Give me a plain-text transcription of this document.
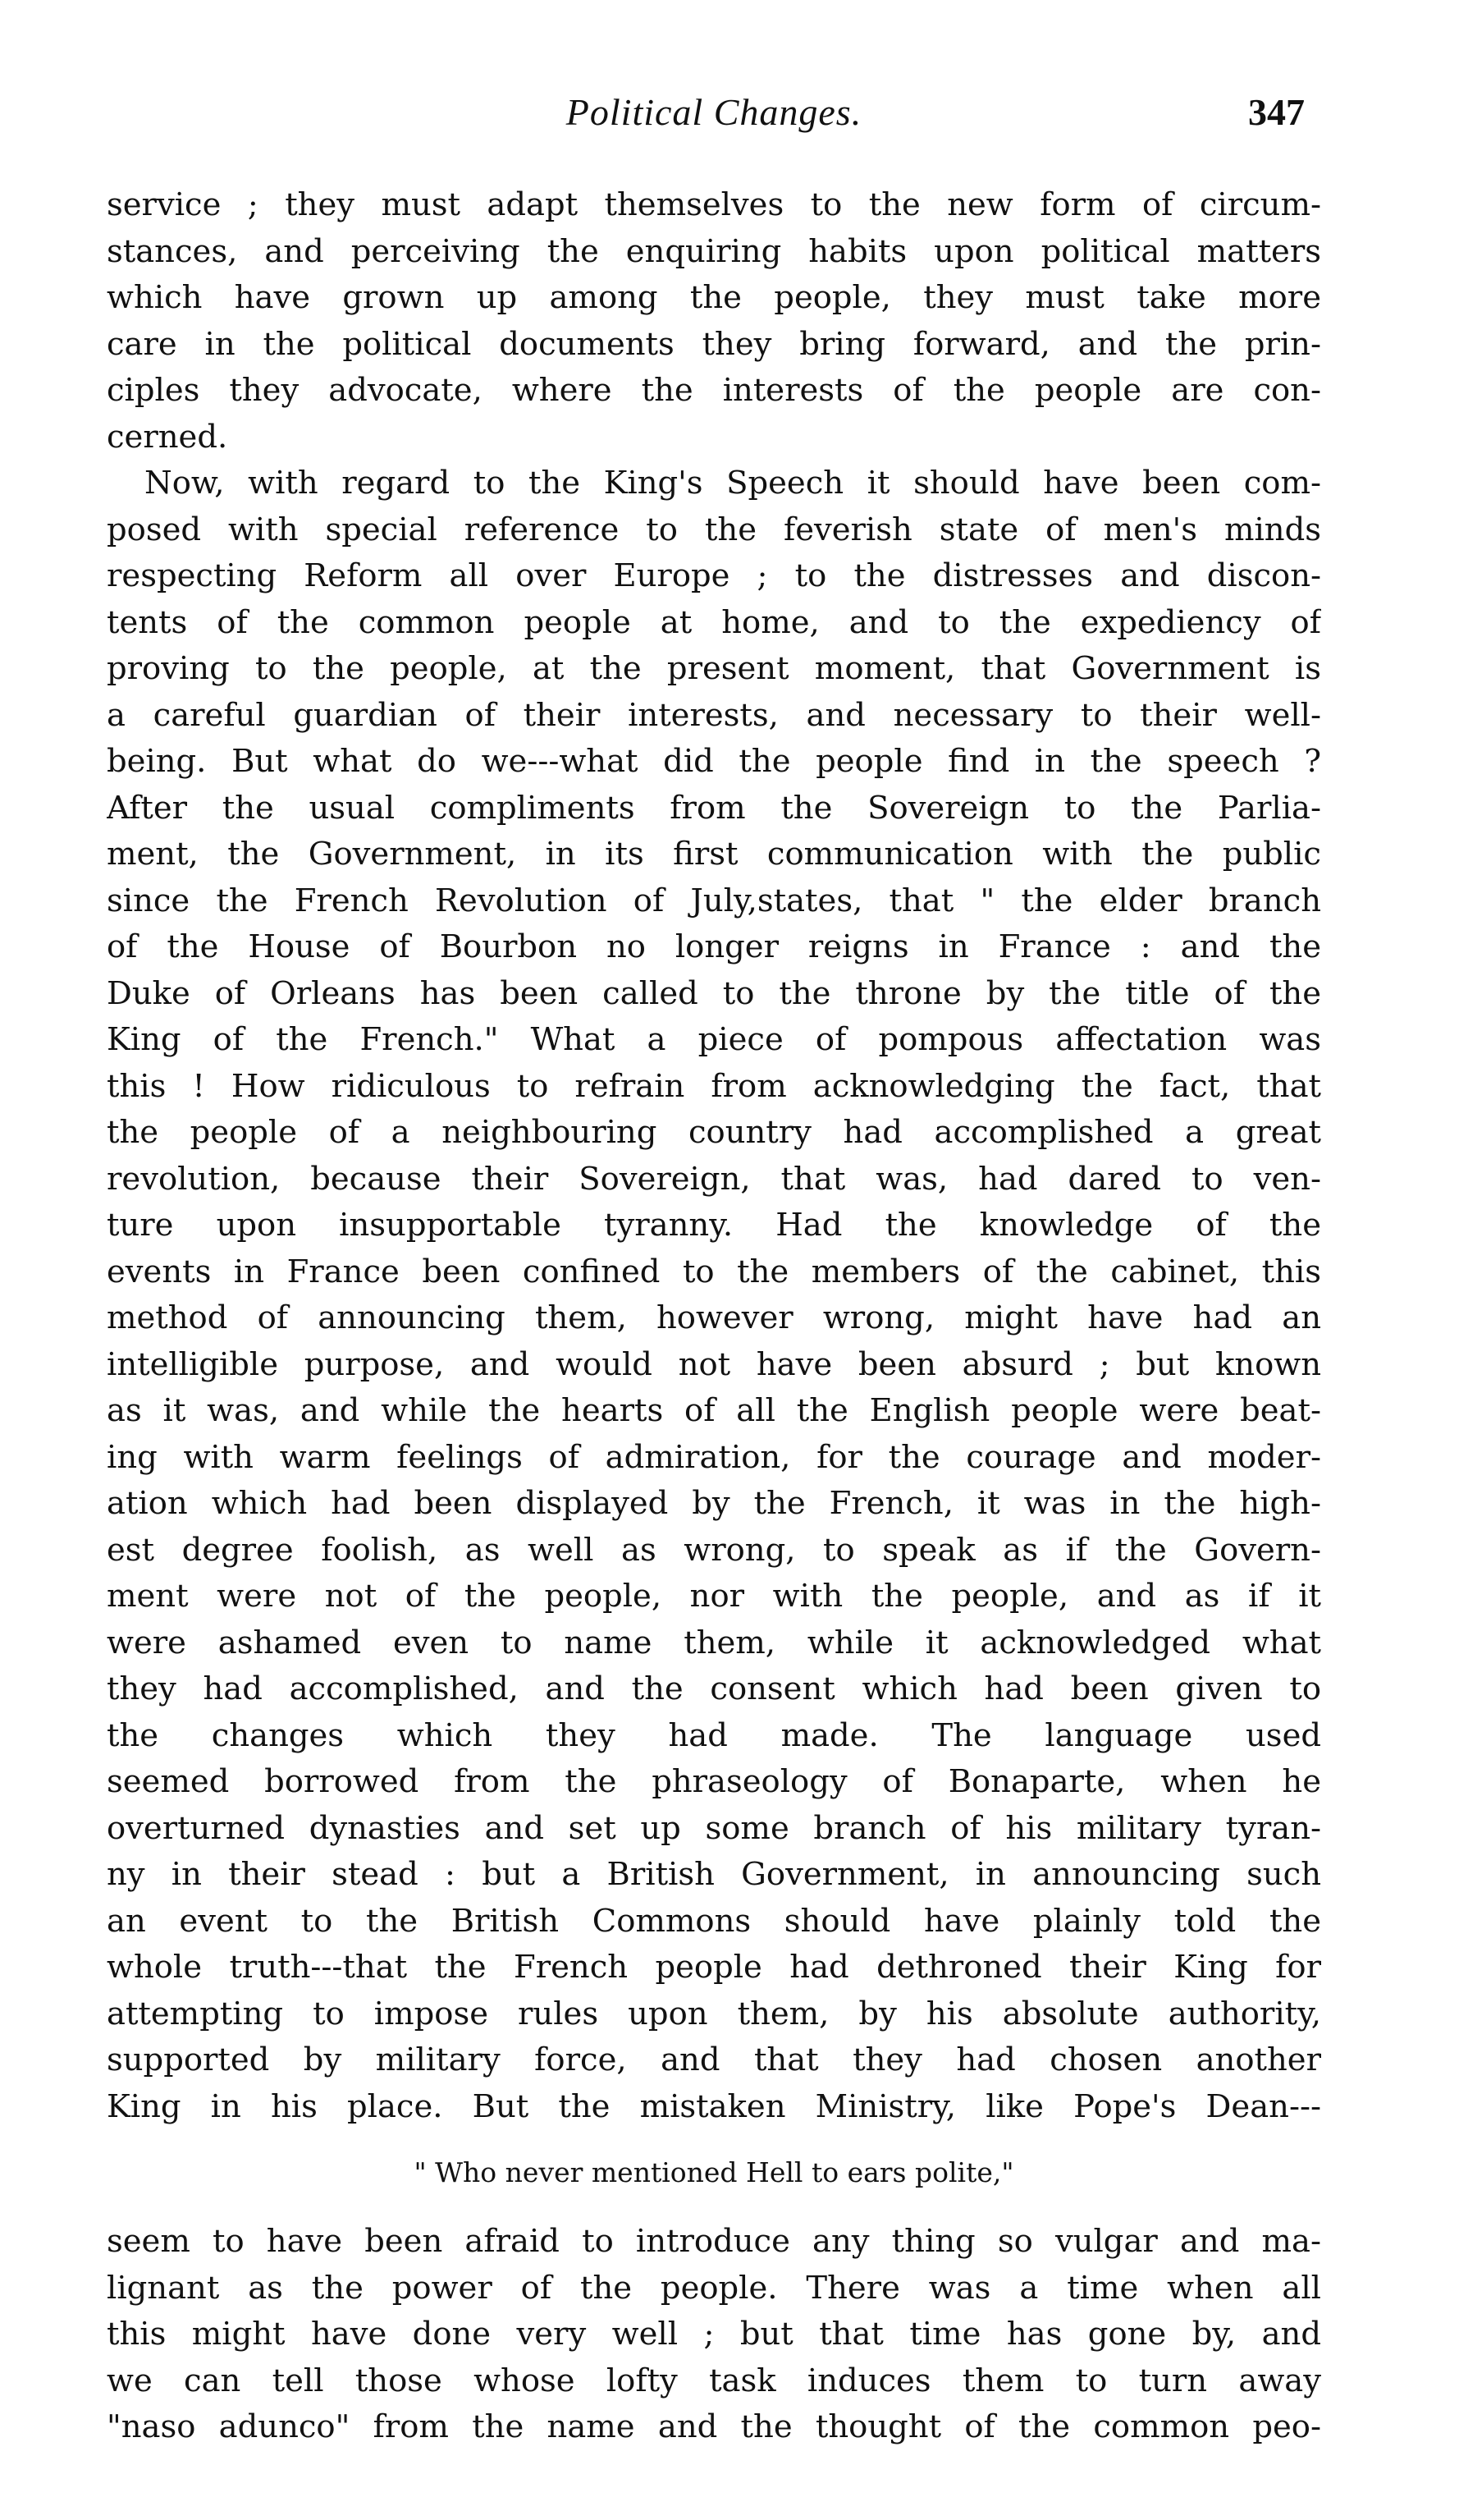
Political Changes.	347
service ; they must adapt themselves to the new form of circum-
stances, and perceiving the enquiring habits upon political matters
which have grown up among the people, they must take more
care in the political documents they bring forward, and the prin-
ciples they advocate, where the interests of the people are con-
cerned.
Now, with regard to the King's Speech it should have been com-
posed with special reference to the feverish state of men's minds
respecting Reform all over Europe ; to the distresses and discon-
tents of the common people at home, and to the expediency of
proving to the people, at the present moment, that Government is
a careful guardian of their interests, and necessary to their well-
being. But what do we---what did the people find in the speech ?
After the usual compliments from the Sovereign to the Parlia-
ment, the Government, in its first communication with the public
since the French Revolution of July,states, that " the elder branch
of the House of Bourbon no longer reigns in France : and the
Duke of Orleans has been called to the throne by the title of the
King of the French." What a piece of pompous affectation was
this ! How ridiculous to refrain from acknowledging the fact, that
the people of a neighbouring country had accomplished a great
revolution, because their Sovereign, that was, had dared to ven-
ture upon insupportable tyranny. Had the knowledge of the
events in France been confined to the members of the cabinet, this
method of announcing them, however wrong, might have had an
intelligible purpose, and would not have been absurd ; but known
as it was, and while the hearts of all the English people were beat-
ing with warm feelings of admiration, for the courage and moder-
ation which had been displayed by the French, it was in the high-
est degree foolish, as well as wrong, to speak as if the Govern-
ment were not of the people, nor with the people, and as if it
were ashamed even to name them, while it acknowledged what
they had accomplished, and the consent which had been given to
the changes which they had made. The language used
seemed borrowed from the phraseology of Bonaparte, when he
overturned dynasties and set up some branch of his military tyran-
ny in their stead : but a British Government, in announcing such
an event to the British Commons should have plainly told the
whole truth---that the French people had dethroned their King for
attempting to impose rules upon them, by his absolute authority,
supported by military force, and that they had chosen another
King in his place. But the mistaken Ministry, like Pope's Dean---
" Who never mentioned Hell to ears polite,"
seem to have been afraid to introduce any thing so vulgar and ma-
lignant as the power of the people. There was a time when all
this might have done very well ; but that time has gone by, and
we can tell those whose lofty task induces them to turn away
"naso adunco" from the name and the thought of the common peo-
